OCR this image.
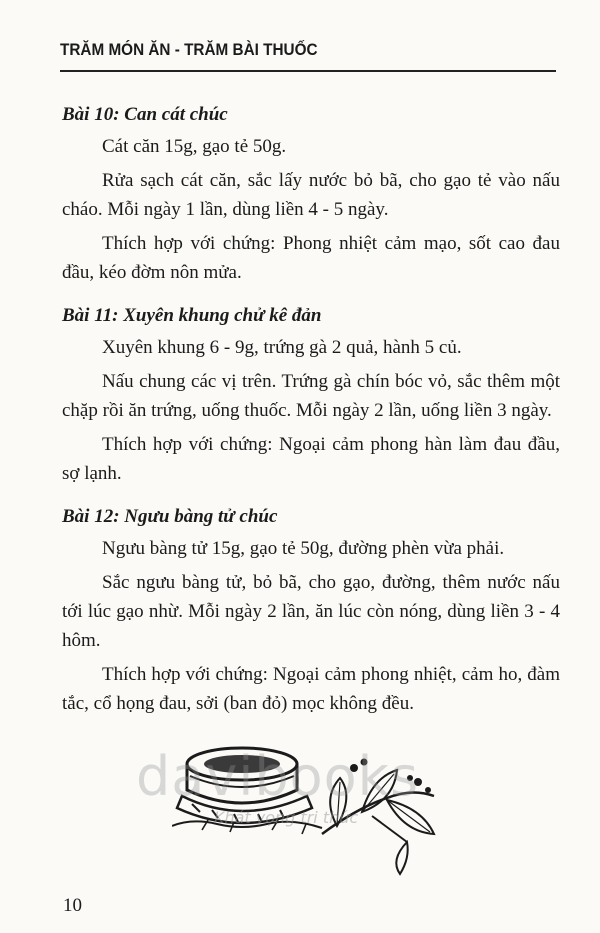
TRĂM MÓN ĂN - TRĂM BÀI THUỐC

Bài 10: Can cát chúc

Cát căn 15g, gạo tẻ 50g.

Rửa sạch cát căn, sắc lấy nước bỏ bã, cho gạo tẻ vào nấu cháo. Mỗi ngày 1 lần, dùng liền 4 - 5 ngày.

Thích hợp với chứng: Phong nhiệt cảm mạo, sốt cao đau đầu, kéo đờm nôn mửa.

Bài 11: Xuyên khung chử kê đản

Xuyên khung 6 - 9g, trứng gà 2 quả, hành 5 củ.

Nấu chung các vị trên. Trứng gà chín bóc vỏ, sắc thêm một chặp rồi ăn trứng, uống thuốc. Mỗi ngày 2 lần, uống liền 3 ngày.

Thích hợp với chứng: Ngoại cảm phong hàn làm đau đầu, sợ lạnh.

Bài 12: Ngưu bàng tử chúc

Ngưu bàng tử 15g, gạo tẻ 50g, đường phèn vừa phải.

Sắc ngưu bàng tử, bỏ bã, cho gạo, đường, thêm nước nấu tới lúc gạo nhừ. Mỗi ngày 2 lần, ăn lúc còn nóng, dùng liền 3 - 4 hôm.

Thích hợp với chứng: Ngoại cảm phong nhiệt, cảm ho, đàm tắc, cổ họng đau, sởi (ban đỏ) mọc không đều.

davibooks
Khát vọng tri thức
10
